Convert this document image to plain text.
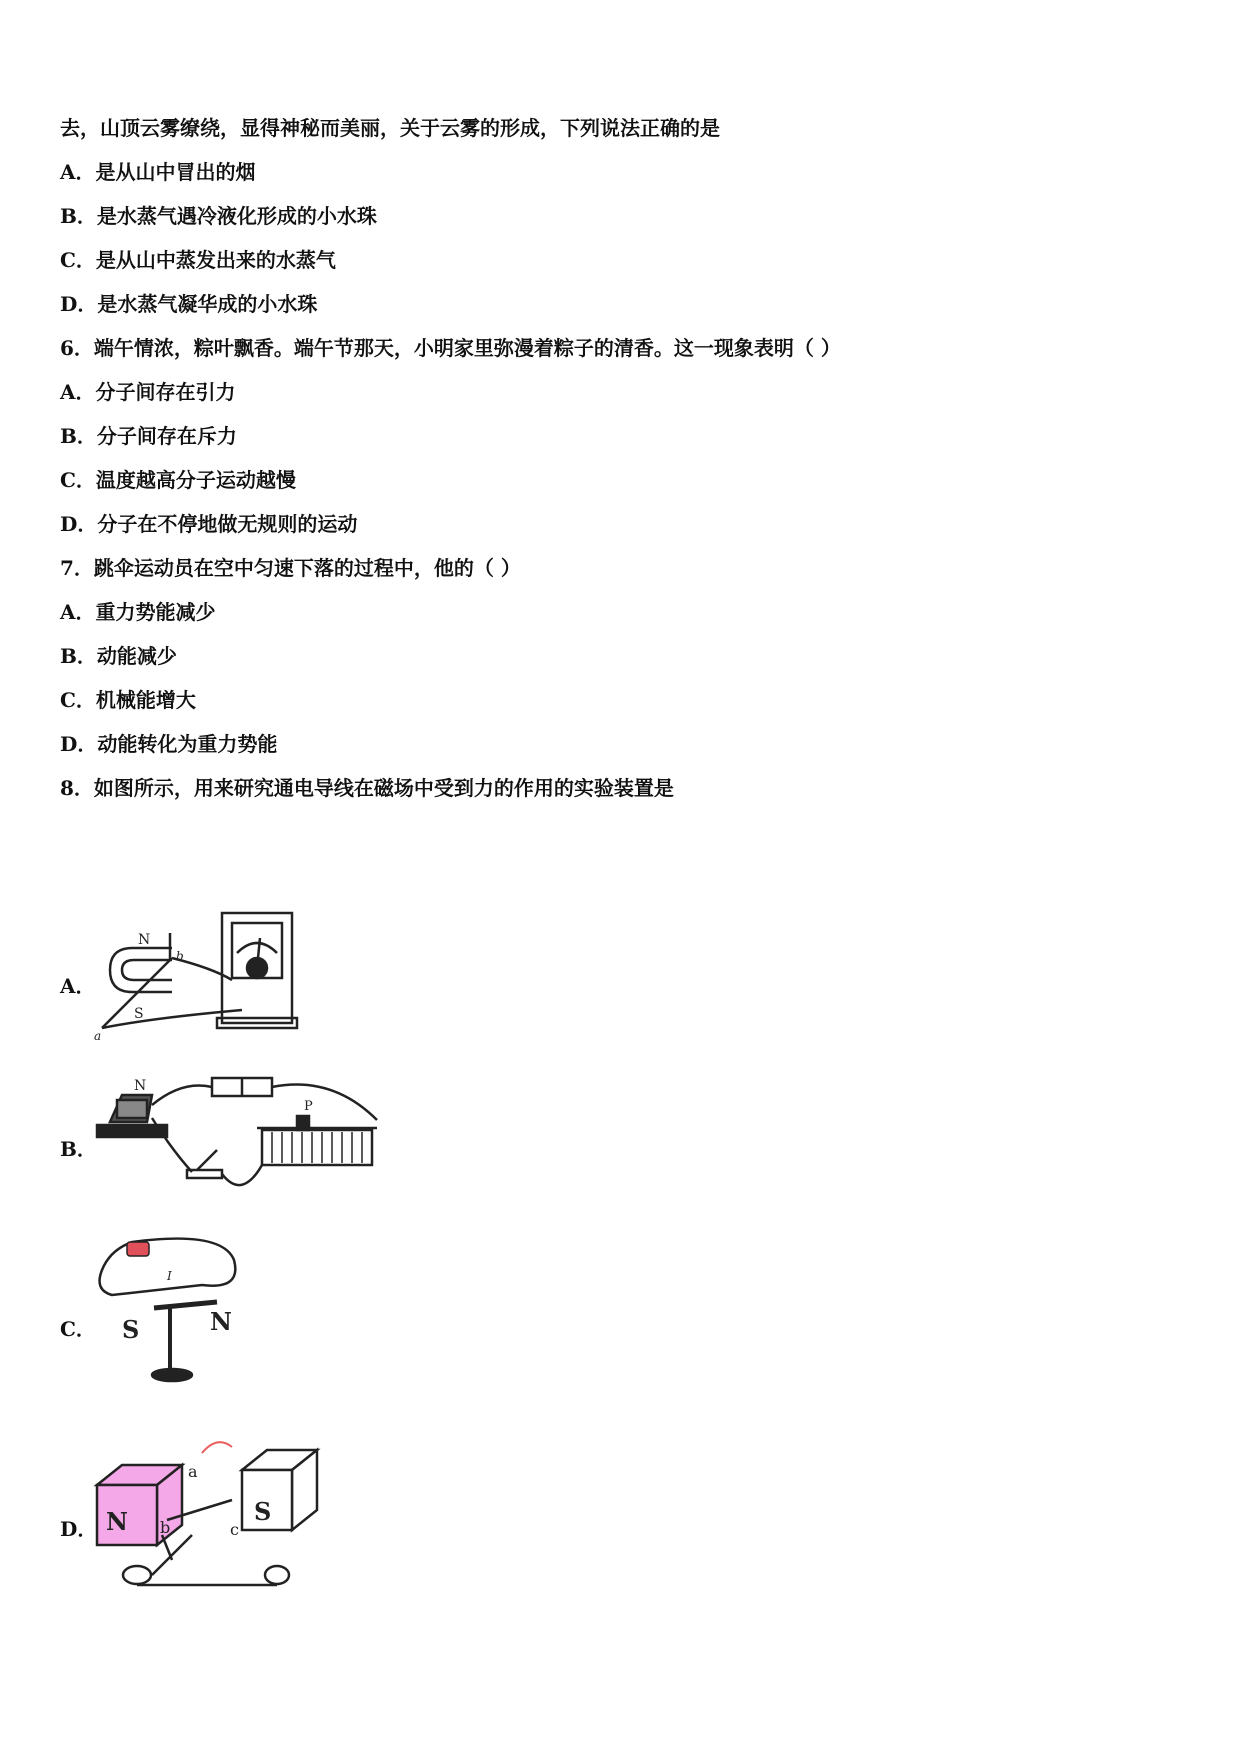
去，山顶云雾缭绕，显得神秘而美丽，关于云雾的形成，下列说法正确的是
A．是从山中冒出的烟
B．是水蒸气遇冷液化形成的小水珠
C．是从山中蒸发出来的水蒸气
D．是水蒸气凝华成的小水珠
6．端午情浓，粽叶飘香。端午节那天，小明家里弥漫着粽子的清香。这一现象表明（ ）
A．分子间存在引力
B．分子间存在斥力
C．温度越高分子运动越慢
D．分子在不停地做无规则的运动
7．跳伞运动员在空中匀速下落的过程中，他的（ ）
A．重力势能减少
B．动能减少
C．机械能增大
D．动能转化为重力势能
8．如图所示，用来研究通电导线在磁场中受到力的作用的实验装置是
A．
B．
C．
D．
N
S
a
b
N
P
I
S	N
N	S
a
b	c
